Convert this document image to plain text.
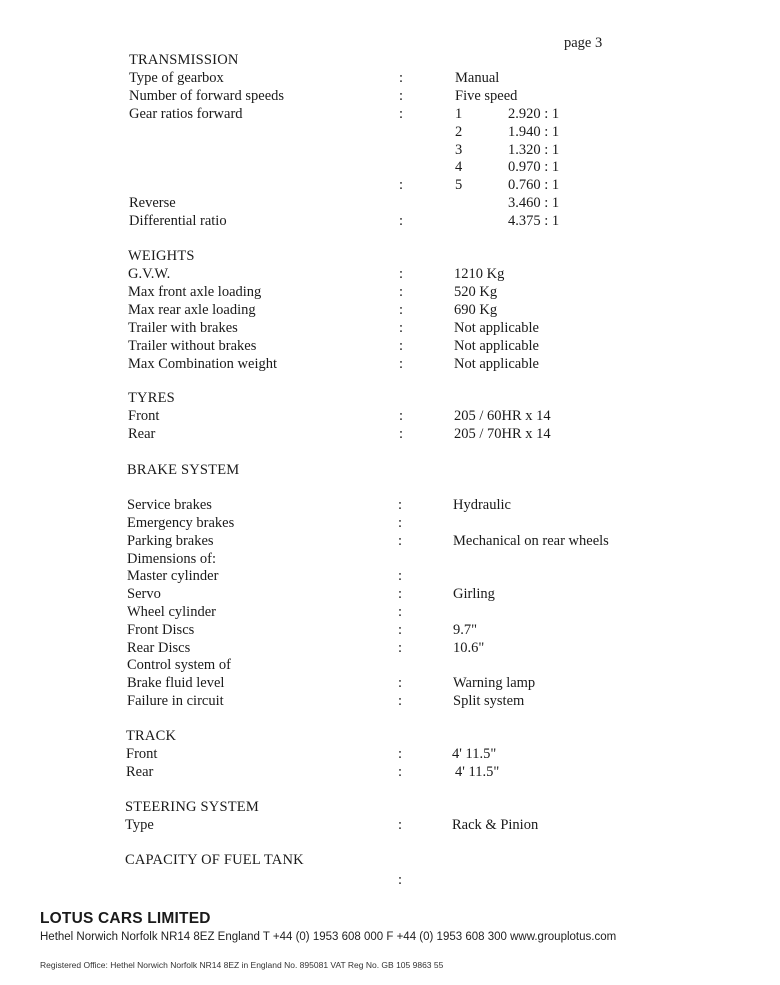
page 3
TRANSMISSION
Type of gearbox	:	Manual
Number of forward speeds	:	Five speed
Gear ratios forward	:	1	2.920 : 1
2	1.940 : 1
3	1.320 : 1
4	0.970 : 1
:	5	0.760 : 1
Reverse	3.460 : 1
Differential ratio	:	4.375 : 1
WEIGHTS
G.V.W.	:	1210 Kg
Max front axle loading	:	520 Kg
Max rear axle loading	:	690 Kg
Trailer with brakes	:	Not applicable
Trailer without brakes	:	Not applicable
Max Combination weight	:	Not applicable
TYRES
Front	:	205 / 60HR x 14
Rear	:	205 / 70HR x 14
BRAKE SYSTEM
Service brakes	:	Hydraulic
Emergency brakes	:
Parking brakes	:	Mechanical on rear wheels
Dimensions of:
Master cylinder	:
Servo	:	Girling
Wheel cylinder	:
Front Discs	:	9.7"
Rear Discs	:	10.6"
Control system of
Brake fluid level	:	Warning lamp
Failure in circuit	:	Split system
TRACK
Front	:	4' 11.5"
Rear	:	4' 11.5"
STEERING SYSTEM
Type	:	Rack & Pinion
CAPACITY OF FUEL TANK
:
LOTUS CARS LIMITED
Hethel Norwich Norfolk NR14 8EZ England T +44 (0) 1953 608 000 F +44 (0) 1953 608 300 www.grouplotus.com
Registered Office: Hethel Norwich Norfolk NR14 8EZ in England No. 895081 VAT Reg No. GB 105 9863 55
